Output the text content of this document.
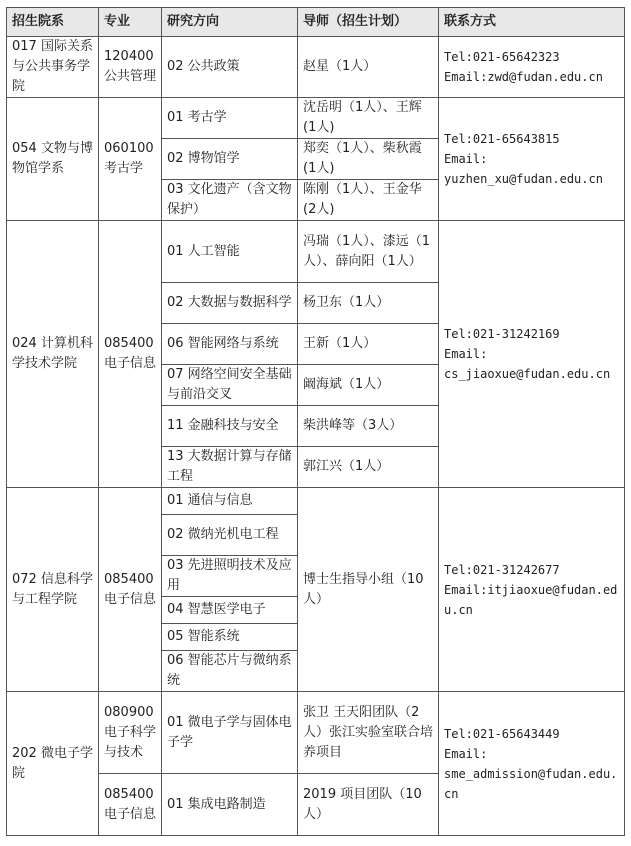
招生院系	专业	研究方向	导师（招生计划）	联系方式
017 国际关系与公共事务学院	120400 公共管理	02 公共政策	赵星（1人）	Tel:021-65642323
Email:zwd@fudan.edu.cn

054 文物与博物馆学系	060100 考古学	01 考古学	沈岳明（1人）、王辉(1人)	Tel:021-65643815
Email:
yuzhen_xu@fudan.edu.cn

		02 博物馆学	郑奕（1人）、柴秋霞(1人)	
		03 文化遗产（含文物保护）	陈刚（1人）、王金华(2人)	
024 计算机科学技术学院	085400 电子信息	01 人工智能	冯瑞（1人）、漆远（1人）、薛向阳（1人）	Tel:021-31242169
Email:
cs_jiaoxue@fudan.edu.cn

		02 大数据与数据科学	杨卫东（1人）	
		06 智能网络与系统	王新（1人）	
		07 网络空间安全基础与前沿交叉	阚海斌（1人）	
		11 金融科技与安全	柴洪峰等（3人）	
		13 大数据计算与存储工程	郭江兴（1人）	
072 信息科学与工程学院	085400 电子信息	01 通信与信息	博士生指导小组（10人）	Tel:021-31242677
Email:itjiaoxue@fudan.edu.cn

		02 微纳光机电工程		
		03 先进照明技术及应用		
		04 智慧医学电子		
		05 智能系统		
		06 智能芯片与微纳系统		
202 微电子学院	080900 电子科学与技术	01 微电子学与固体电子学	张卫 王天阳团队（2人）张江实验室联合培养项目	Tel:021-65643449
Email:
sme_admission@fudan.edu.cn

	085400 电子信息	01 集成电路制造	2019 项目团队（10人）	
